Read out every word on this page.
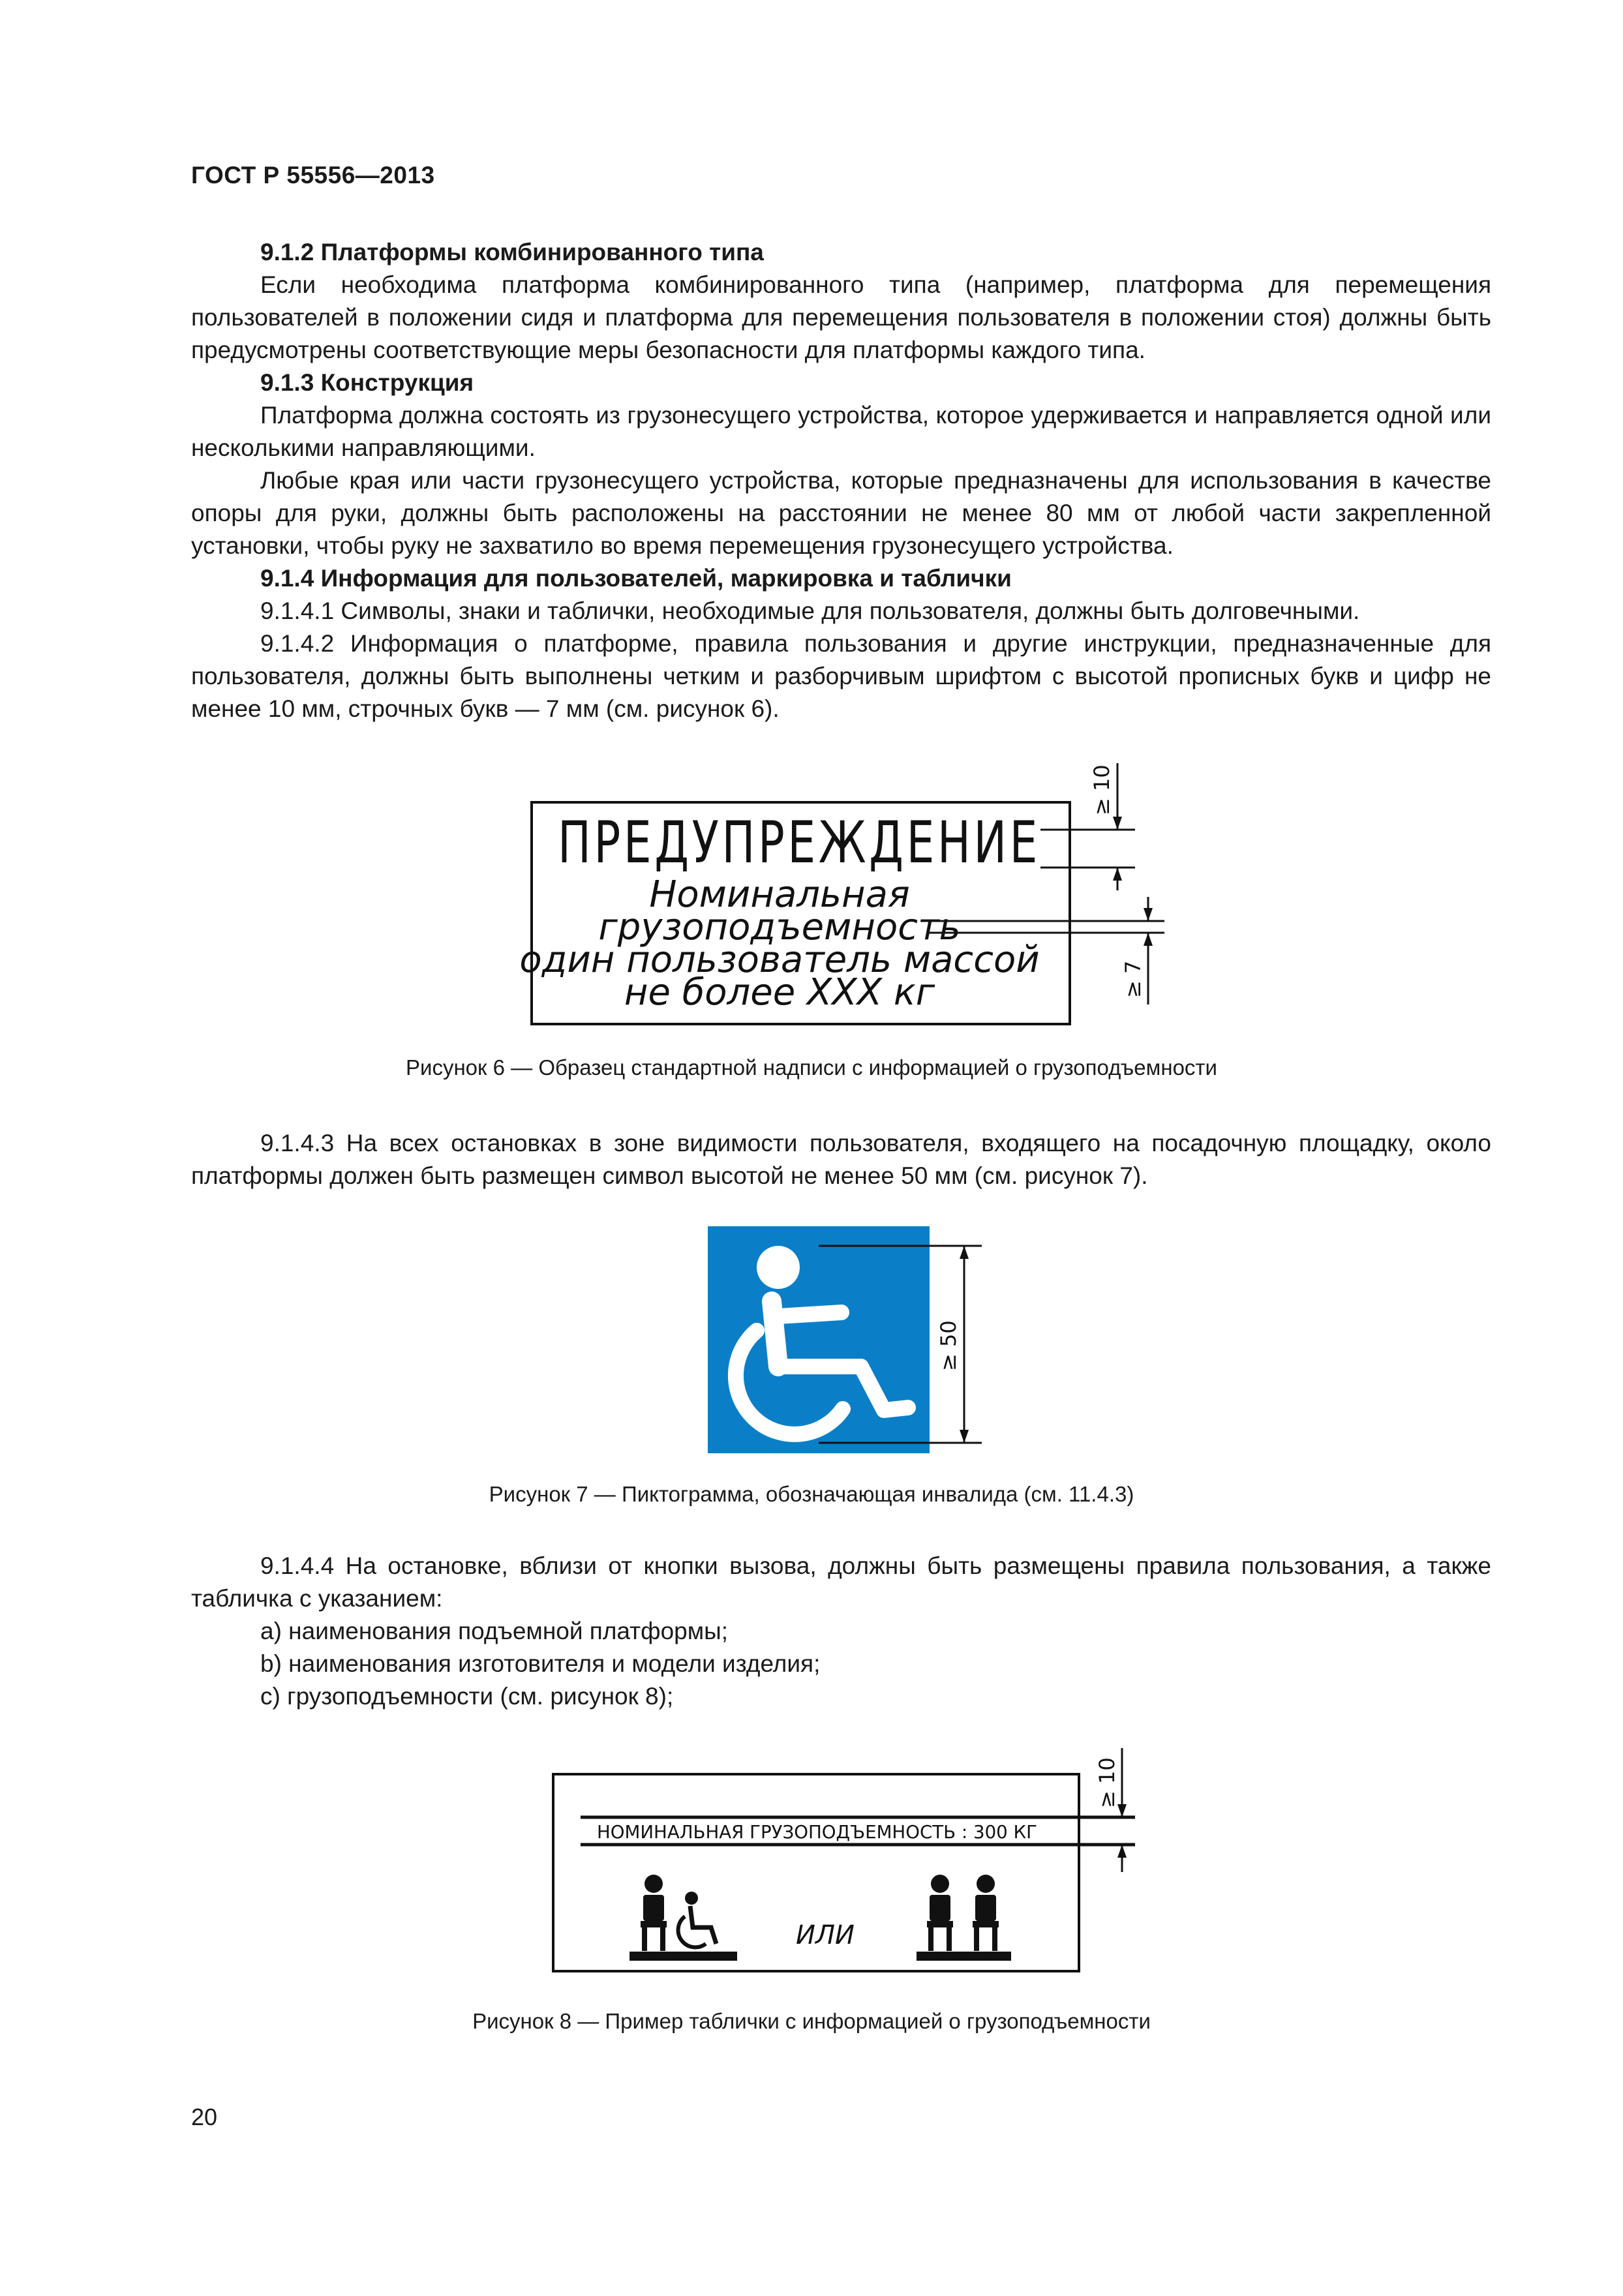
ГОСТ Р 55556—2013

9.1.2 Платформы комбинированного типа

Если необходима платформа комбинированного типа (например, платформа для перемещения пользователей в положении сидя и платформа для перемещения пользователя в положении стоя) должны быть предусмотрены соответствующие меры безопасности для платформы каждого типа.

9.1.3 Конструкция

Платформа должна состоять из грузонесущего устройства, которое удерживается и направляется одной или несколькими направляющими.

Любые края или части грузонесущего устройства, которые предназначены для использования в качестве опоры для руки, должны быть расположены на расстоянии не менее 80 мм от любой части закрепленной установки, чтобы руку не захватило во время перемещения грузонесущего устройства.

9.1.4 Информация для пользователей, маркировка и таблички

9.1.4.1 Символы, знаки и таблички, необходимые для пользователя, должны быть долговечными.

9.1.4.2 Информация о платформе, правила пользования и другие инструкции, предназначенные для пользователя, должны быть выполнены четким и разборчивым шрифтом с высотой прописных букв и цифр не менее 10 мм, строчных букв — 7 мм (см. рисунок 6).

ПРЕДУПРЕЖДЕНИЕ
Номинальная
грузоподъемность
один пользователь массой
не более XXX кг
≥ 10
≥ 7
Рисунок 6 — Образец стандартной надписи с информацией о грузоподъемности

9.1.4.3 На всех остановках в зоне видимости пользователя, входящего на посадочную площадку, около платформы должен быть размещен символ высотой не менее 50 мм (см. рисунок 7).

≥ 50
Рисунок 7 — Пиктограмма, обозначающая инвалида (см. 11.4.3)

9.1.4.4 На остановке, вблизи от кнопки вызова, должны быть размещены правила пользования, а также табличка с указанием:

a) наименования подъемной платформы;

b) наименования изготовителя и модели изделия;

c) грузоподъемности (см. рисунок 8);

НОМИНАЛЬНАЯ ГРУЗОПОДЪЕМНОСТЬ : 300 КГ
≥ 10
ИЛИ
Рисунок 8 — Пример таблички с информацией о грузоподъемности
20
